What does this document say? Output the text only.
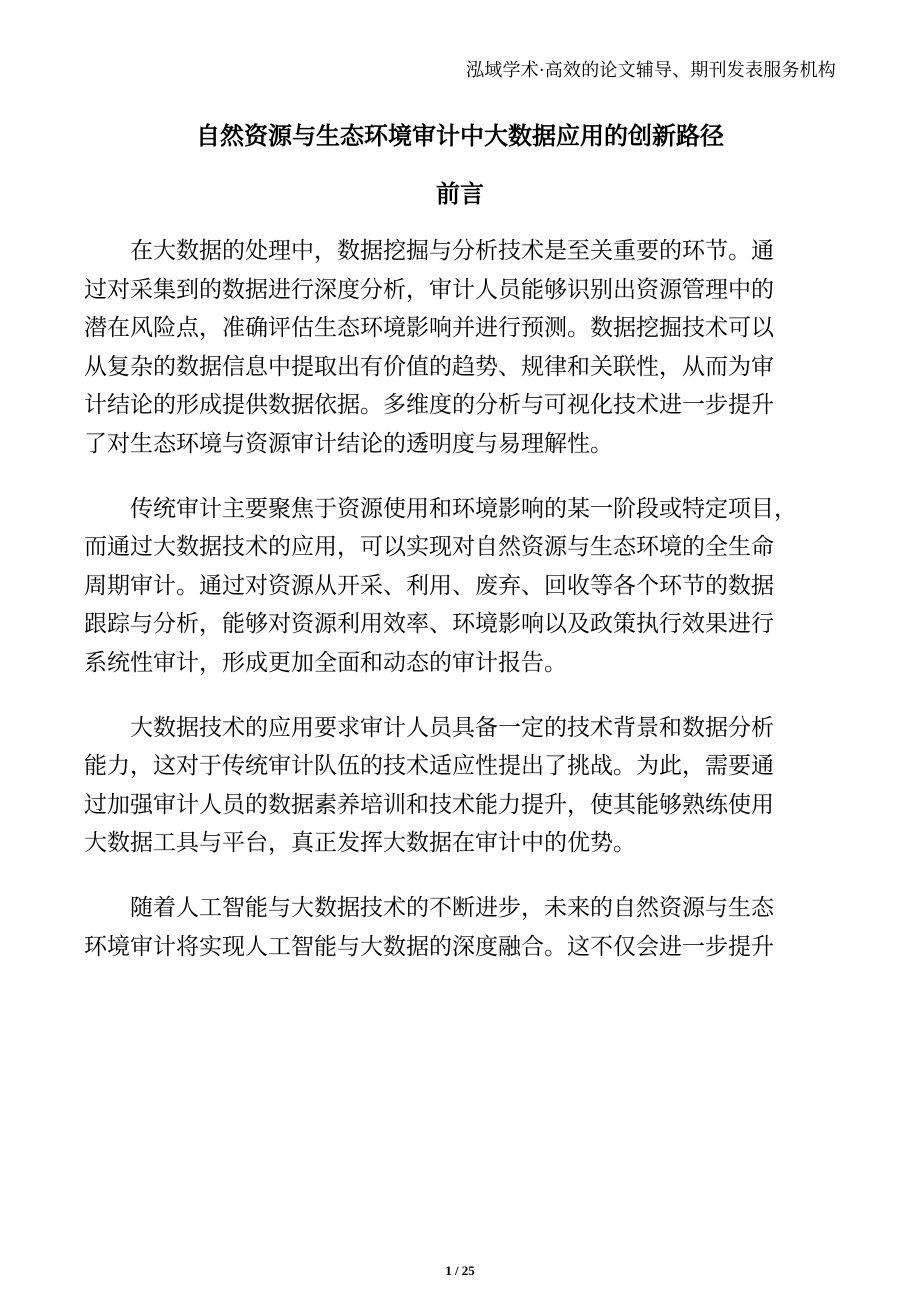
泓域学术·高效的论文辅导、期刊发表服务机构
自然资源与生态环境审计中大数据应用的创新路径
前言

在大数据的处理中，数据挖掘与分析技术是至关重要的环节。通
过对采集到的数据进行深度分析，审计人员能够识别出资源管理中的
潜在风险点，准确评估生态环境影响并进行预测。数据挖掘技术可以
从复杂的数据信息中提取出有价值的趋势、规律和关联性，从而为审
计结论的形成提供数据依据。多维度的分析与可视化技术进一步提升
了对生态环境与资源审计结论的透明度与易理解性。

传统审计主要聚焦于资源使用和环境影响的某一阶段或特定项目，
而通过大数据技术的应用，可以实现对自然资源与生态环境的全生命
周期审计。通过对资源从开采、利用、废弃、回收等各个环节的数据
跟踪与分析，能够对资源利用效率、环境影响以及政策执行效果进行
系统性审计，形成更加全面和动态的审计报告。

大数据技术的应用要求审计人员具备一定的技术背景和数据分析
能力，这对于传统审计队伍的技术适应性提出了挑战。为此，需要通
过加强审计人员的数据素养培训和技术能力提升，使其能够熟练使用
大数据工具与平台，真正发挥大数据在审计中的优势。

随着人工智能与大数据技术的不断进步，未来的自然资源与生态
环境审计将实现人工智能与大数据的深度融合。这不仅会进一步提升

1 / 25
